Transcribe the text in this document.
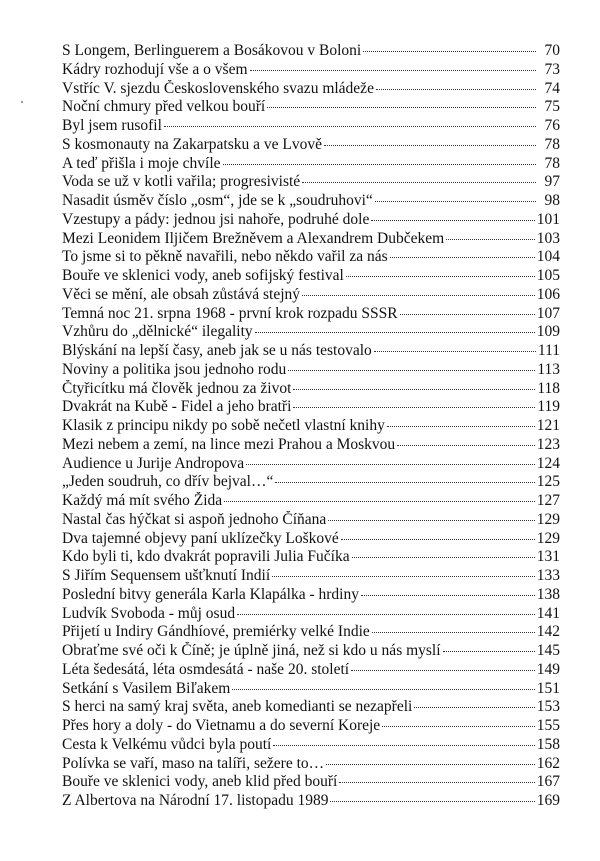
S Longem, Berlinguerem a Bosákovou v Boloni	70
Kádry rozhodují vše a o všem	73
Vstříc V. sjezdu Československého svazu mládeže	74
Noční chmury před velkou bouří	75
Byl jsem rusofil	76
S kosmonauty na Zakarpatsku a ve Lvově	78
A teď přišla i moje chvíle	78
Voda se už v kotli vařila; progresivisté	97
Nasadit úsměv číslo „osm“, jde se k „soudruhovi“	98
Vzestupy a pády: jednou jsi nahoře, podruhé dole	101
Mezi Leonidem Iljičem Brežněvem a Alexandrem Dubčekem	103
To jsme si to pěkně navařili, nebo někdo vařil za nás	104
Bouře ve sklenici vody, aneb sofijský festival	105
Věci se mění, ale obsah zůstává stejný	106
Temná noc 21. srpna 1968 - první krok rozpadu SSSR	107
Vzhůru do „dělnické“ ilegality	109
Blýskání na lepší časy, aneb jak se u nás testovalo	111
Noviny a politika jsou jednoho rodu	113
Čtyřicítku má člověk jednou za život	118
Dvakrát na Kubě - Fidel a jeho bratři	119
Klasik z principu nikdy po sobě nečetl vlastní knihy	121
Mezi nebem a zemí, na lince mezi Prahou a Moskvou	123
Audience u Jurije Andropova	124
„Jeden soudruh, co dřív bejval…“	125
Každý má mít svého Žida	127
Nastal čas hýčkat si aspoň jednoho Číňana	129
Dva tajemné objevy paní uklízečky Loškové	129
Kdo byli ti, kdo dvakrát popravili Julia Fučíka	131
S Jiřím Sequensem ušťknutí Indií	133
Poslední bitvy generála Karla Klapálka - hrdiny	138
Ludvík Svoboda - můj osud	141
Přijetí u Indiry Gándhíové, premiérky velké Indie	142
Obraťme své oči k Číně; je úplně jiná, než si kdo u nás myslí	145
Léta šedesátá, léta osmdesátá - naše 20. století	149
Setkání s Vasilem Biľakem	151
S herci na samý kraj světa, aneb komedianti se nezapřeli	153
Přes hory a doly - do Vietnamu a do severní Koreje	155
Cesta k Velkému vůdci byla poutí	158
Polívka se vaří, maso na talíři, sežere to…	162
Bouře ve sklenici vody, aneb klid před bouří	167
Z Albertova na Národní 17. listopadu 1989	169
